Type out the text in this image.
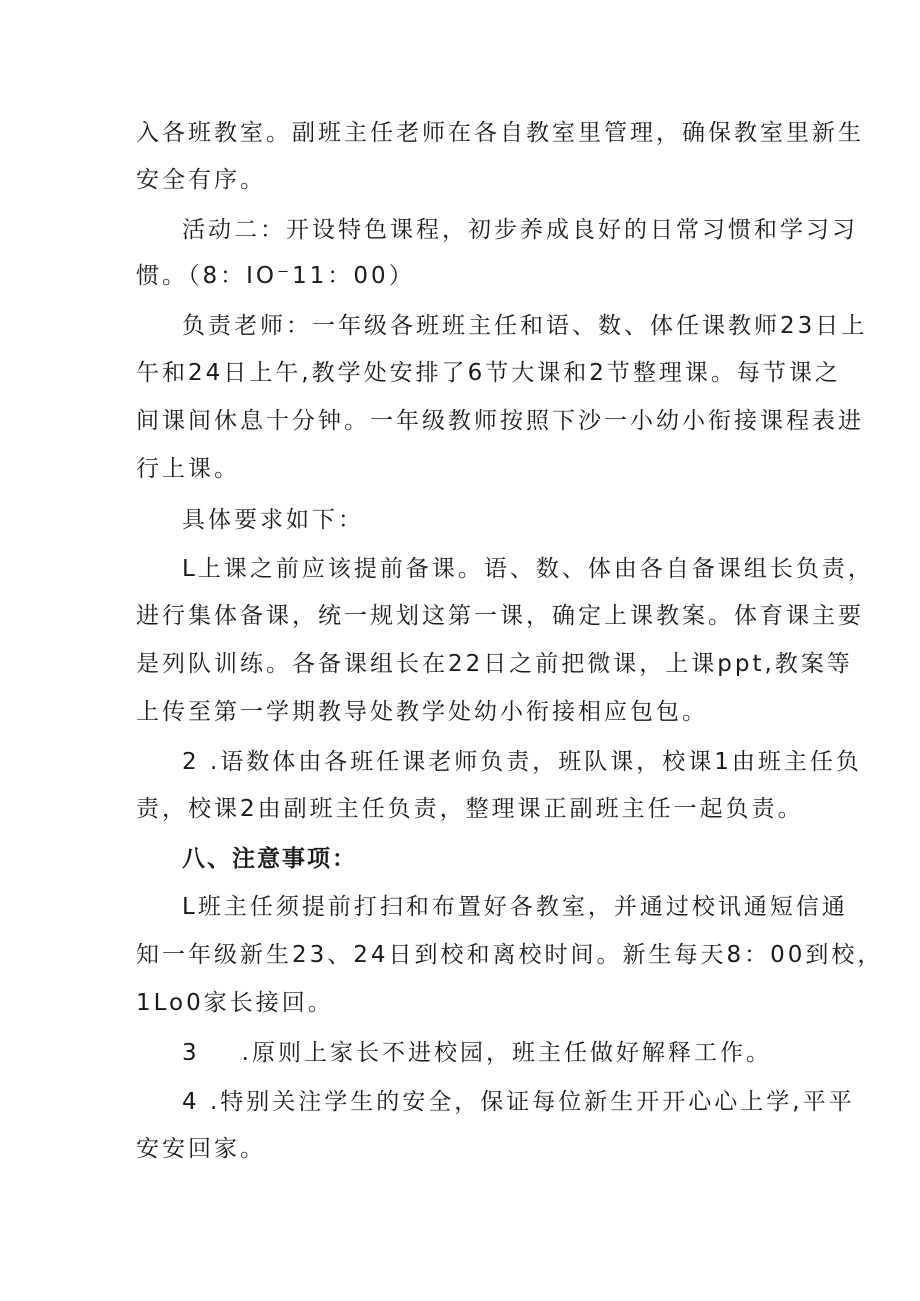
入各班教室。副班主任老师在各自教室里管理，确保教室里新生

安全有序。

活动二：开设特色课程，初步养成良好的日常习惯和学习习

惯。（8：IO⁻11：00）

负责老师：一年级各班班主任和语、数、体任课教师23日上

午和24日上午,教学处安排了6节大课和2节整理课。每节课之

间课间休息十分钟。一年级教师按照下沙一小幼小衔接课程表进

行上课。

具体要求如下：

L上课之前应该提前备课。语、数、体由各自备课组长负责，

进行集体备课，统一规划这第一课，确定上课教案。体育课主要

是列队训练。各备课组长在22日之前把微课，上课ppt,教案等

上传至第一学期教导处教学处幼小衔接相应包包。

2 .语数体由各班任课老师负责，班队课，校课1由班主任负

责，校课2由副班主任负责，整理课正副班主任一起负责。

八、注意事项：

L班主任须提前打扫和布置好各教室，并通过校讯通短信通

知一年级新生23、24日到校和离校时间。新生每天8：00到校，

1Lo0家长接回。

3 .原则上家长不进校园，班主任做好解释工作。

4 .特别关注学生的安全，保证每位新生开开心心上学,平平

安安回家。
